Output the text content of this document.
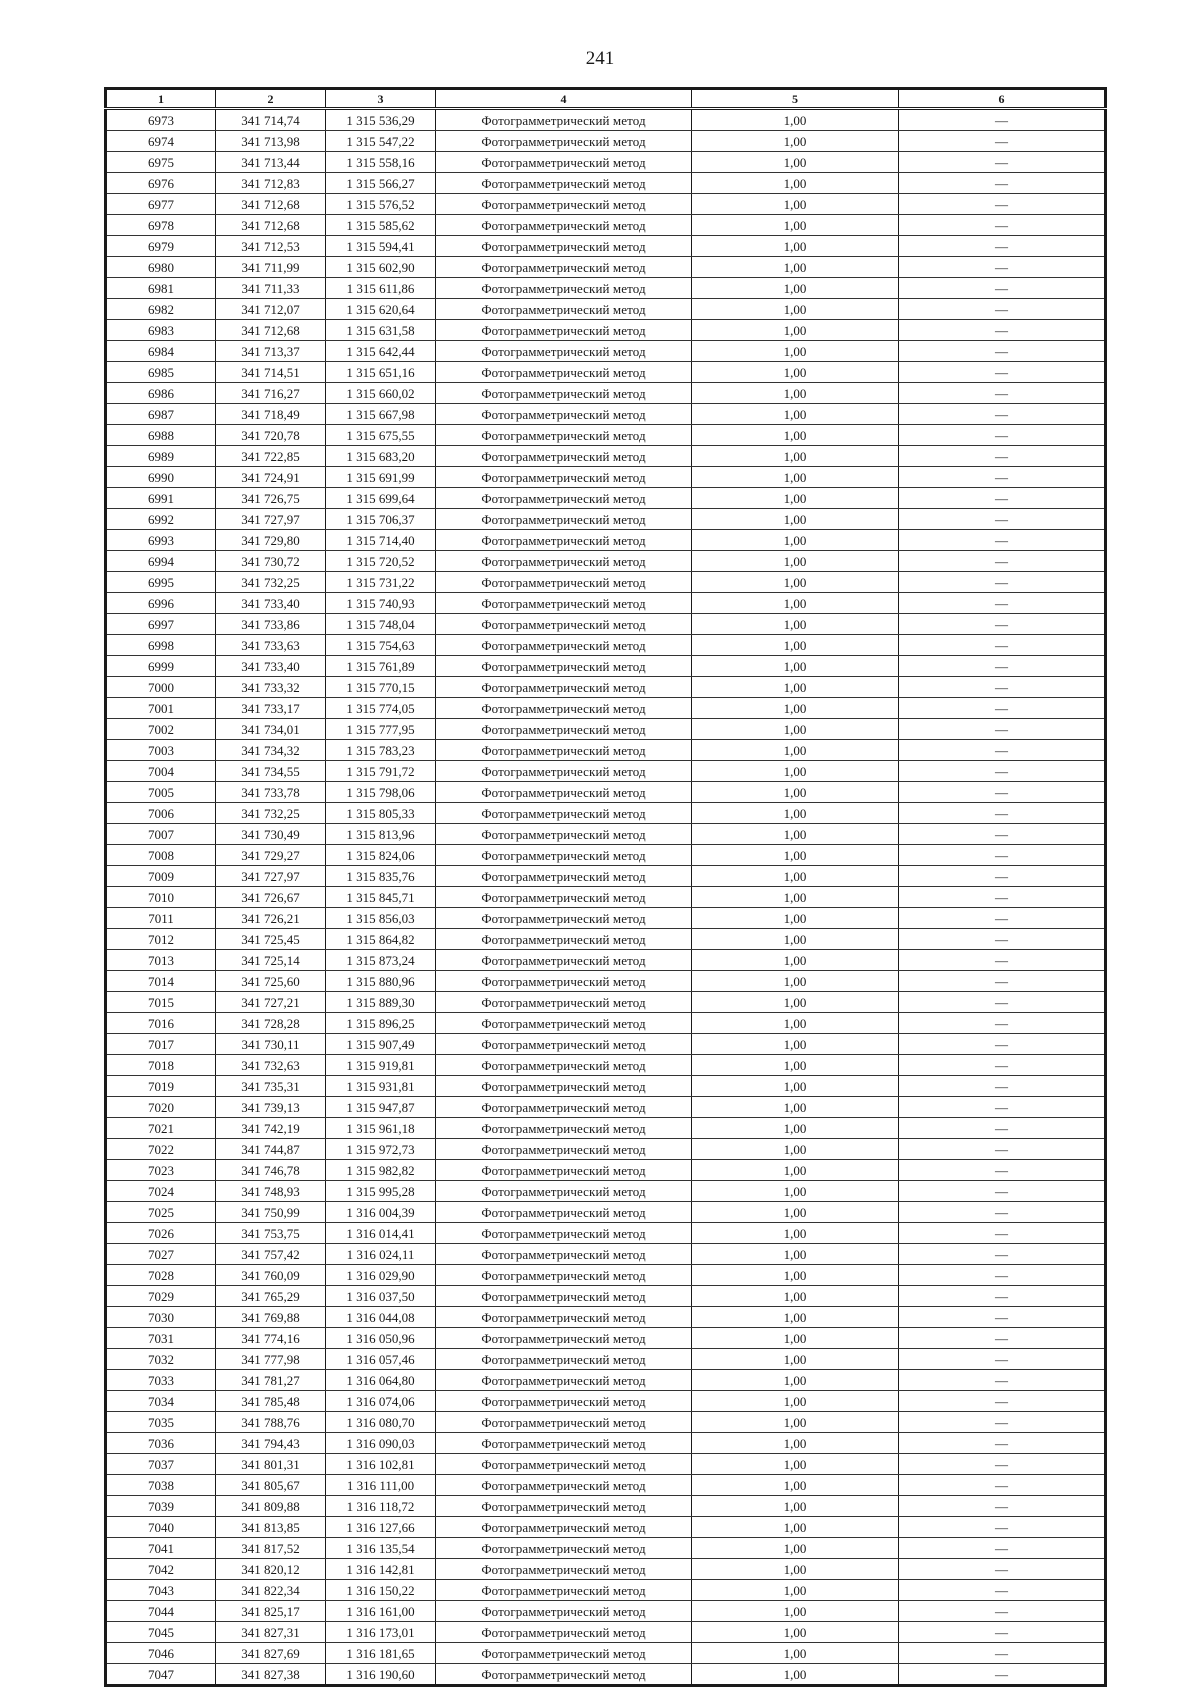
241
1	2	3	4	5	6
6973	341 714,74	1 315 536,29	Фотограмметрический метод	1,00	—
6974	341 713,98	1 315 547,22	Фотограмметрический метод	1,00	—
6975	341 713,44	1 315 558,16	Фотограмметрический метод	1,00	—
6976	341 712,83	1 315 566,27	Фотограмметрический метод	1,00	—
6977	341 712,68	1 315 576,52	Фотограмметрический метод	1,00	—
6978	341 712,68	1 315 585,62	Фотограмметрический метод	1,00	—
6979	341 712,53	1 315 594,41	Фотограмметрический метод	1,00	—
6980	341 711,99	1 315 602,90	Фотограмметрический метод	1,00	—
6981	341 711,33	1 315 611,86	Фотограмметрический метод	1,00	—
6982	341 712,07	1 315 620,64	Фотограмметрический метод	1,00	—
6983	341 712,68	1 315 631,58	Фотограмметрический метод	1,00	—
6984	341 713,37	1 315 642,44	Фотограмметрический метод	1,00	—
6985	341 714,51	1 315 651,16	Фотограмметрический метод	1,00	—
6986	341 716,27	1 315 660,02	Фотограмметрический метод	1,00	—
6987	341 718,49	1 315 667,98	Фотограмметрический метод	1,00	—
6988	341 720,78	1 315 675,55	Фотограмметрический метод	1,00	—
6989	341 722,85	1 315 683,20	Фотограмметрический метод	1,00	—
6990	341 724,91	1 315 691,99	Фотограмметрический метод	1,00	—
6991	341 726,75	1 315 699,64	Фотограмметрический метод	1,00	—
6992	341 727,97	1 315 706,37	Фотограмметрический метод	1,00	—
6993	341 729,80	1 315 714,40	Фотограмметрический метод	1,00	—
6994	341 730,72	1 315 720,52	Фотограмметрический метод	1,00	—
6995	341 732,25	1 315 731,22	Фотограмметрический метод	1,00	—
6996	341 733,40	1 315 740,93	Фотограмметрический метод	1,00	—
6997	341 733,86	1 315 748,04	Фотограмметрический метод	1,00	—
6998	341 733,63	1 315 754,63	Фотограмметрический метод	1,00	—
6999	341 733,40	1 315 761,89	Фотограмметрический метод	1,00	—
7000	341 733,32	1 315 770,15	Фотограмметрический метод	1,00	—
7001	341 733,17	1 315 774,05	Фотограмметрический метод	1,00	—
7002	341 734,01	1 315 777,95	Фотограмметрический метод	1,00	—
7003	341 734,32	1 315 783,23	Фотограмметрический метод	1,00	—
7004	341 734,55	1 315 791,72	Фотограмметрический метод	1,00	—
7005	341 733,78	1 315 798,06	Фотограмметрический метод	1,00	—
7006	341 732,25	1 315 805,33	Фотограмметрический метод	1,00	—
7007	341 730,49	1 315 813,96	Фотограмметрический метод	1,00	—
7008	341 729,27	1 315 824,06	Фотограмметрический метод	1,00	—
7009	341 727,97	1 315 835,76	Фотограмметрический метод	1,00	—
7010	341 726,67	1 315 845,71	Фотограмметрический метод	1,00	—
7011	341 726,21	1 315 856,03	Фотограмметрический метод	1,00	—
7012	341 725,45	1 315 864,82	Фотограмметрический метод	1,00	—
7013	341 725,14	1 315 873,24	Фотограмметрический метод	1,00	—
7014	341 725,60	1 315 880,96	Фотограмметрический метод	1,00	—
7015	341 727,21	1 315 889,30	Фотограмметрический метод	1,00	—
7016	341 728,28	1 315 896,25	Фотограмметрический метод	1,00	—
7017	341 730,11	1 315 907,49	Фотограмметрический метод	1,00	—
7018	341 732,63	1 315 919,81	Фотограмметрический метод	1,00	—
7019	341 735,31	1 315 931,81	Фотограмметрический метод	1,00	—
7020	341 739,13	1 315 947,87	Фотограмметрический метод	1,00	—
7021	341 742,19	1 315 961,18	Фотограмметрический метод	1,00	—
7022	341 744,87	1 315 972,73	Фотограмметрический метод	1,00	—
7023	341 746,78	1 315 982,82	Фотограмметрический метод	1,00	—
7024	341 748,93	1 315 995,28	Фотограмметрический метод	1,00	—
7025	341 750,99	1 316 004,39	Фотограмметрический метод	1,00	—
7026	341 753,75	1 316 014,41	Фотограмметрический метод	1,00	—
7027	341 757,42	1 316 024,11	Фотограмметрический метод	1,00	—
7028	341 760,09	1 316 029,90	Фотограмметрический метод	1,00	—
7029	341 765,29	1 316 037,50	Фотограмметрический метод	1,00	—
7030	341 769,88	1 316 044,08	Фотограмметрический метод	1,00	—
7031	341 774,16	1 316 050,96	Фотограмметрический метод	1,00	—
7032	341 777,98	1 316 057,46	Фотограмметрический метод	1,00	—
7033	341 781,27	1 316 064,80	Фотограмметрический метод	1,00	—
7034	341 785,48	1 316 074,06	Фотограмметрический метод	1,00	—
7035	341 788,76	1 316 080,70	Фотограмметрический метод	1,00	—
7036	341 794,43	1 316 090,03	Фотограмметрический метод	1,00	—
7037	341 801,31	1 316 102,81	Фотограмметрический метод	1,00	—
7038	341 805,67	1 316 111,00	Фотограмметрический метод	1,00	—
7039	341 809,88	1 316 118,72	Фотограмметрический метод	1,00	—
7040	341 813,85	1 316 127,66	Фотограмметрический метод	1,00	—
7041	341 817,52	1 316 135,54	Фотограмметрический метод	1,00	—
7042	341 820,12	1 316 142,81	Фотограмметрический метод	1,00	—
7043	341 822,34	1 316 150,22	Фотограмметрический метод	1,00	—
7044	341 825,17	1 316 161,00	Фотограмметрический метод	1,00	—
7045	341 827,31	1 316 173,01	Фотограмметрический метод	1,00	—
7046	341 827,69	1 316 181,65	Фотограмметрический метод	1,00	—
7047	341 827,38	1 316 190,60	Фотограмметрический метод	1,00	—
